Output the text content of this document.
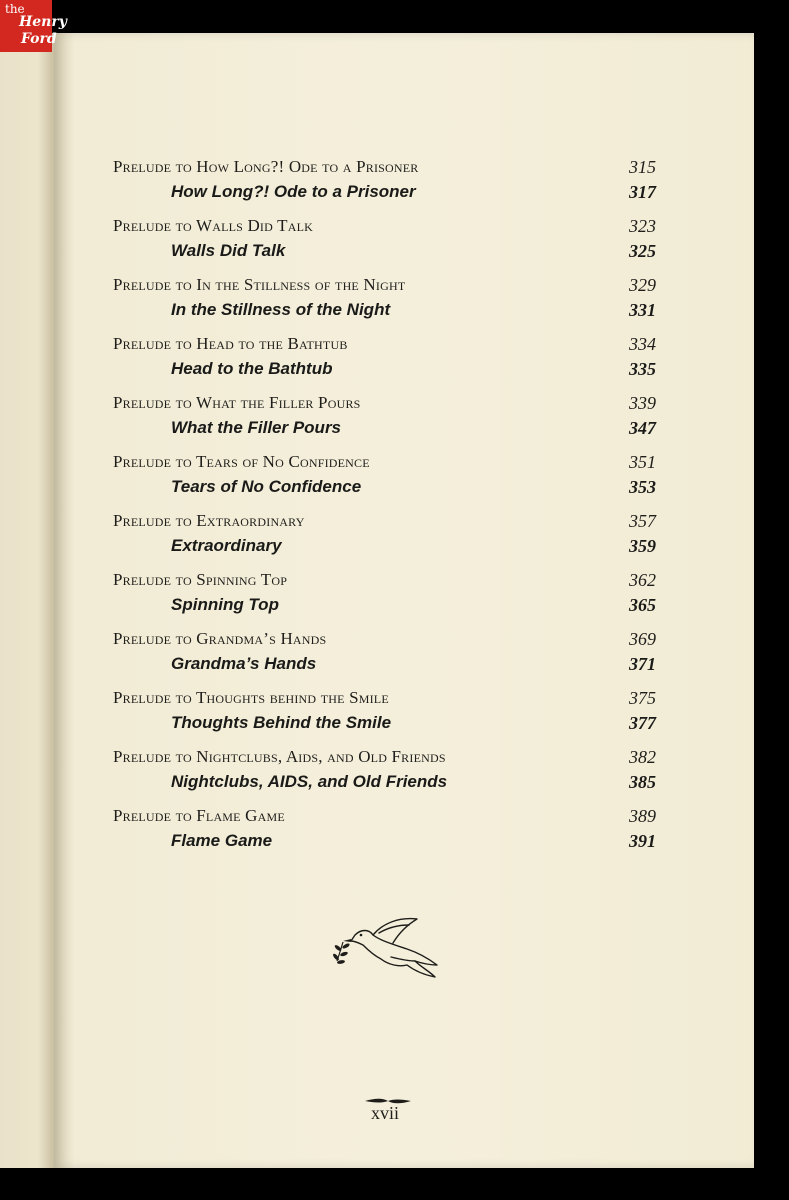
the
Henry
Ford
Prelude to How Long?! Ode to a Prisoner	315
How Long?! Ode to a Prisoner	317
Prelude to Walls Did Talk	323
Walls Did Talk	325
Prelude to In the Stillness of the Night	329
In the Stillness of the Night	331
Prelude to Head to the Bathtub	334
Head to the Bathtub	335
Prelude to What the Filler Pours	339
What the Filler Pours	347
Prelude to Tears of No Confidence	351
Tears of No Confidence	353
Prelude to Extraordinary	357
Extraordinary	359
Prelude to Spinning Top	362
Spinning Top	365
Prelude to Grandma’s Hands	369
Grandma’s Hands	371
Prelude to Thoughts behind the Smile	375
Thoughts Behind the Smile	377
Prelude to Nightclubs, Aids, and Old Friends	382
Nightclubs, AIDS, and Old Friends	385
Prelude to Flame Game	389
Flame Game	391
xvii
